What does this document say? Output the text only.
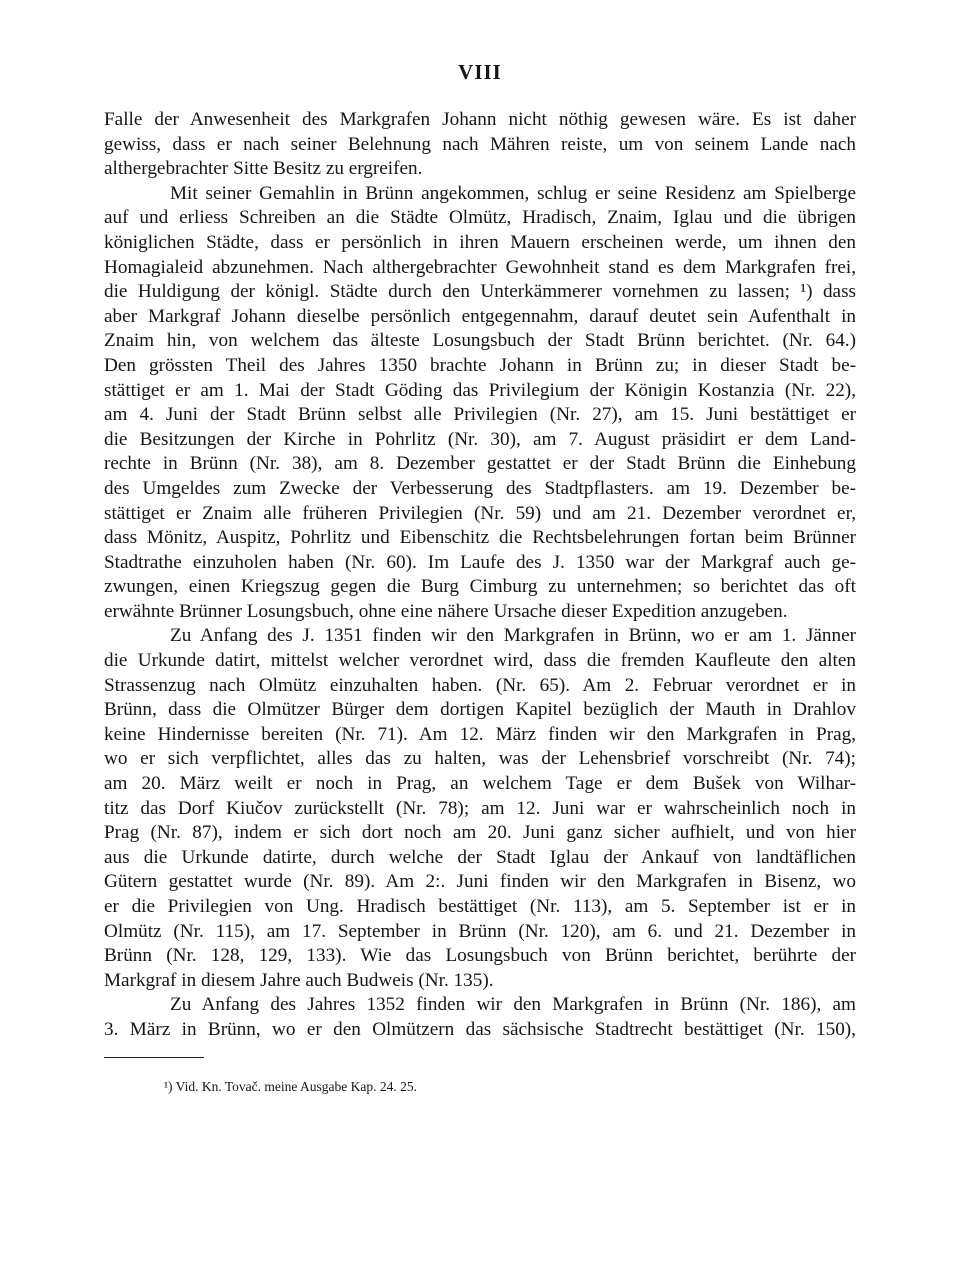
VIII
Falle der Anwesenheit des Markgrafen Johann nicht nöthig gewesen wäre. Es ist daher
gewiss, dass er nach seiner Belehnung nach Mähren reiste, um von seinem Lande nach
althergebrachter Sitte Besitz zu ergreifen.
Mit seiner Gemahlin in Brünn angekommen, schlug er seine Residenz am Spielberge
auf und erliess Schreiben an die Städte Olmütz, Hradisch, Znaim, Iglau und die übrigen
königlichen Städte, dass er persönlich in ihren Mauern erscheinen werde, um ihnen den
Homagialeid abzunehmen. Nach althergebrachter Gewohnheit stand es dem Markgrafen frei,
die Huldigung der königl. Städte durch den Unterkämmerer vornehmen zu lassen; ¹) dass
aber Markgraf Johann dieselbe persönlich entgegennahm, darauf deutet sein Aufenthalt in
Znaim hin, von welchem das älteste Losungsbuch der Stadt Brünn berichtet. (Nr. 64.)
Den grössten Theil des Jahres 1350 brachte Johann in Brünn zu; in dieser Stadt be-
stättiget er am 1. Mai der Stadt Göding das Privilegium der Königin Kostanzia (Nr. 22),
am 4. Juni der Stadt Brünn selbst alle Privilegien (Nr. 27), am 15. Juni bestättiget er
die Besitzungen der Kirche in Pohrlitz (Nr. 30), am 7. August präsidirt er dem Land-
rechte in Brünn (Nr. 38), am 8. Dezember gestattet er der Stadt Brünn die Einhebung
des Umgeldes zum Zwecke der Verbesserung des Stadtpflasters. am 19. Dezember be-
stättiget er Znaim alle früheren Privilegien (Nr. 59) und am 21. Dezember verordnet er,
dass Mönitz, Auspitz, Pohrlitz und Eibenschitz die Rechtsbelehrungen fortan beim Brünner
Stadtrathe einzuholen haben (Nr. 60). Im Laufe des J. 1350 war der Markgraf auch ge-
zwungen, einen Kriegszug gegen die Burg Cimburg zu unternehmen; so berichtet das oft
erwähnte Brünner Losungsbuch, ohne eine nähere Ursache dieser Expedition anzugeben.
Zu Anfang des J. 1351 finden wir den Markgrafen in Brünn, wo er am 1. Jänner
die Urkunde datirt, mittelst welcher verordnet wird, dass die fremden Kaufleute den alten
Strassenzug nach Olmütz einzuhalten haben. (Nr. 65). Am 2. Februar verordnet er in
Brünn, dass die Olmützer Bürger dem dortigen Kapitel bezüglich der Mauth in Drahlov
keine Hindernisse bereiten (Nr. 71). Am 12. März finden wir den Markgrafen in Prag,
wo er sich verpflichtet, alles das zu halten, was der Lehensbrief vorschreibt (Nr. 74);
am 20. März weilt er noch in Prag, an welchem Tage er dem Bušek von Wilhar-
titz das Dorf Kiučov zurückstellt (Nr. 78); am 12. Juni war er wahrscheinlich noch in
Prag (Nr. 87), indem er sich dort noch am 20. Juni ganz sicher aufhielt, und von hier
aus die Urkunde datirte, durch welche der Stadt Iglau der Ankauf von landtäflichen
Gütern gestattet wurde (Nr. 89). Am 2:. Juni finden wir den Markgrafen in Bisenz, wo
er die Privilegien von Ung. Hradisch bestättiget (Nr. 113), am 5. September ist er in
Olmütz (Nr. 115), am 17. September in Brünn (Nr. 120), am 6. und 21. Dezember in
Brünn (Nr. 128, 129, 133). Wie das Losungsbuch von Brünn berichtet, berührte der
Markgraf in diesem Jahre auch Budweis (Nr. 135).
Zu Anfang des Jahres 1352 finden wir den Markgrafen in Brünn (Nr. 186), am
3. März in Brünn, wo er den Olmützern das sächsische Stadtrecht bestättiget (Nr. 150),
¹) Vid. Kn. Tovač. meine Ausgabe Kap. 24. 25.
